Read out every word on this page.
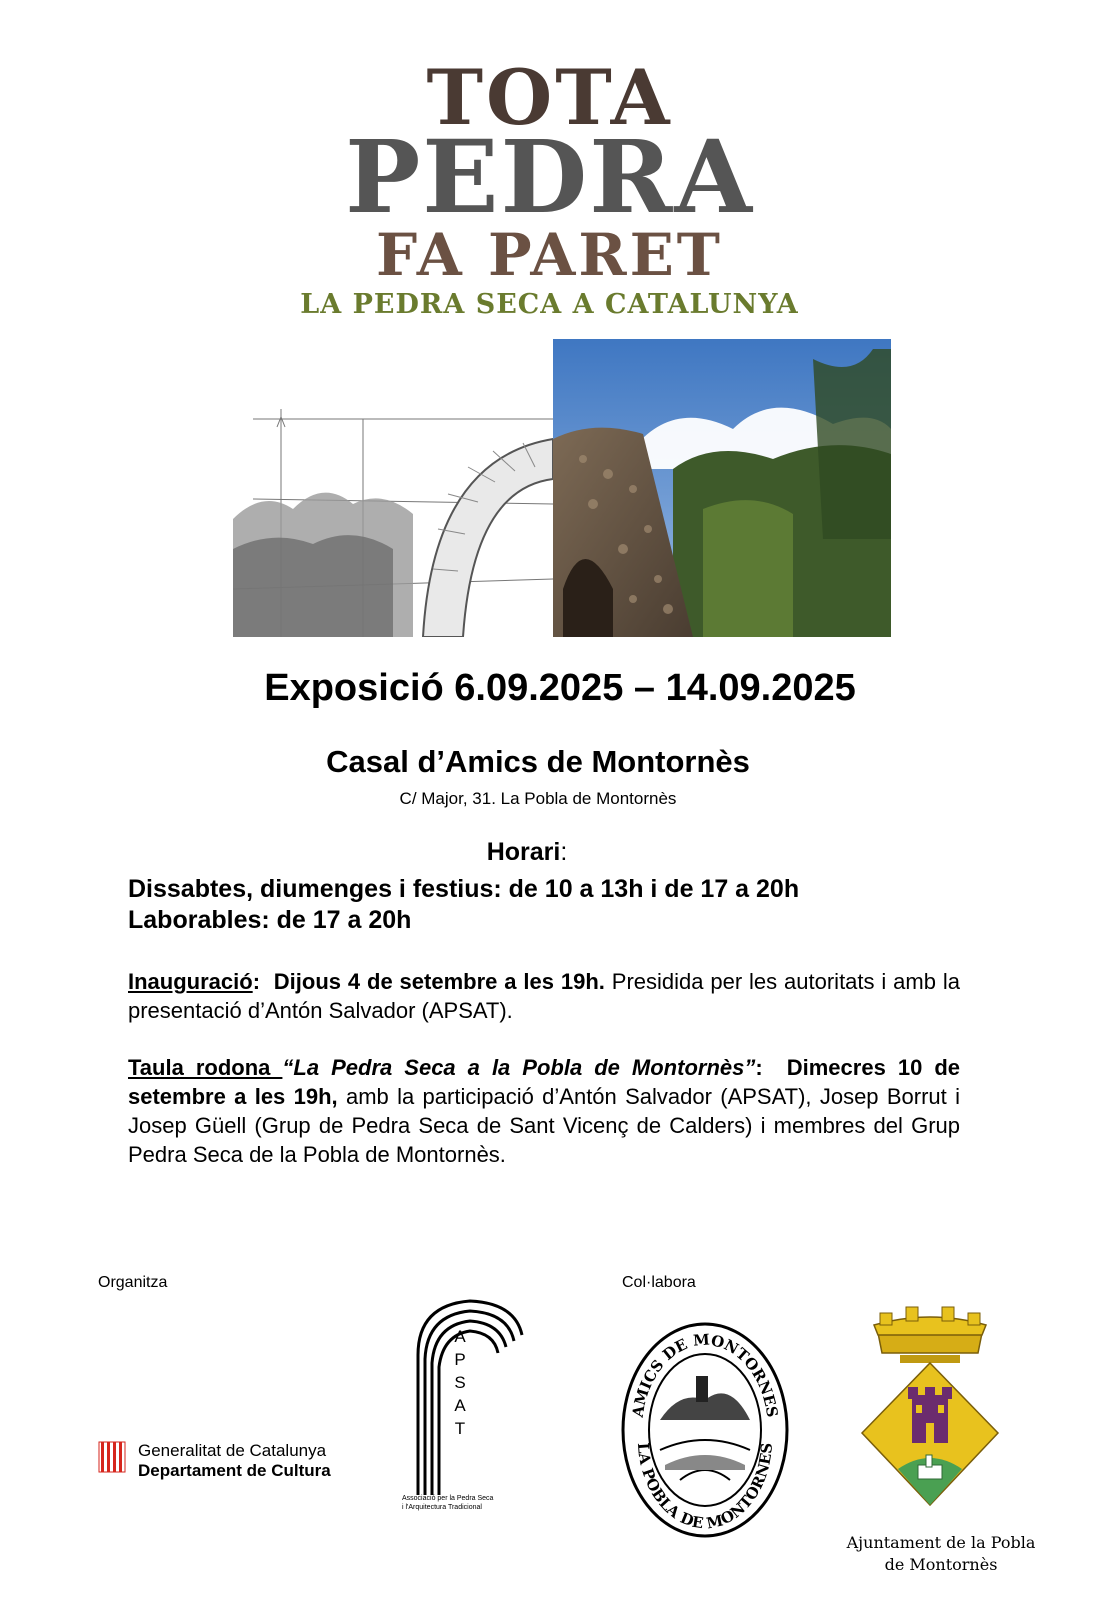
TOTA
PEDRA
FA PARET
LA PEDRA SECA A CATALUNYA
Exposició 6.09.2025 – 14.09.2025
Casal d’Amics de Montornès
C/ Major, 31. La Pobla de Montornès
Horari:
Dissabtes, diumenges i festius: de 10 a 13h i de 17 a 20h
Laborables: de 17 a 20h
Inauguració: Dijous 4 de setembre a les 19h. Presidida per les autoritats i amb la presentació d’Antón Salvador (APSAT).
Taula rodona “La Pedra Seca a la Pobla de Montornès”: Dimecres 10 de setembre a les 19h, amb la participació d’Antón Salvador (APSAT), Josep Borrut i Josep Güell (Grup de Pedra Seca de Sant Vicenç de Calders) i membres del Grup Pedra Seca de la Pobla de Montornès.
Organitza	Col·labora
Generalitat de Catalunya
Departament de Cultura
A
P
S
A
T
Associació per la Pedra Seca
i l'Arquitectura Tradicional
AMICS DE MONTORNES
LA POBLA DE MONTORNES
Ajuntament de la Pobla
de Montornès
